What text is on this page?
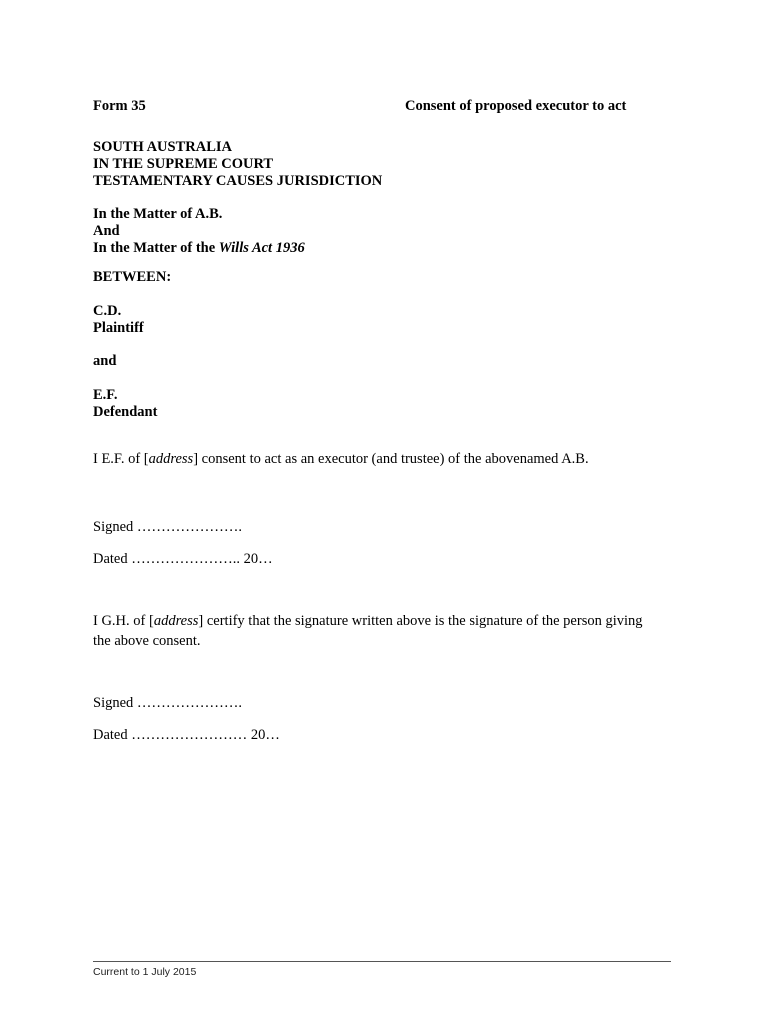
Form 35	Consent of proposed executor to act
SOUTH AUSTRALIA
IN THE SUPREME COURT
TESTAMENTARY CAUSES JURISDICTION
In the Matter of A.B.
And
In the Matter of the Wills Act 1936
BETWEEN:
C.D.
Plaintiff
and
E.F.
Defendant
I E.F. of [address] consent to act as an executor (and trustee) of the abovenamed A.B.
Signed ………………….
Dated ………………….. 20…
I G.H. of [address] certify that the signature written above is the signature of the person giving
the above consent.
Signed ………………….
Dated …………………… 20…
Current to 1 July 2015
